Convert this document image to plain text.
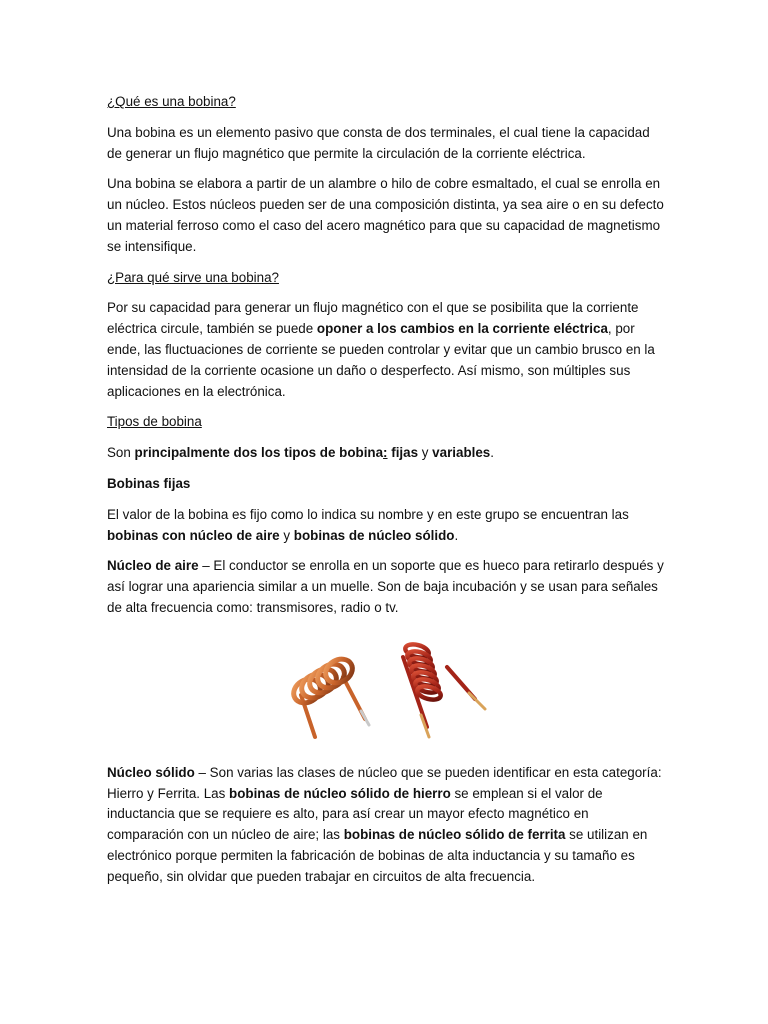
¿Qué es una bobina?

Una bobina es un elemento pasivo que consta de dos terminales, el cual tiene la capacidad de generar un flujo magnético que permite la circulación de la corriente eléctrica.

Una bobina se elabora a partir de un alambre o hilo de cobre esmaltado, el cual se enrolla en un núcleo. Estos núcleos pueden ser de una composición distinta, ya sea aire o en su defecto un material ferroso como el caso del acero magnético para que su capacidad de magnetismo se intensifique.

¿Para qué sirve una bobina?

Por su capacidad para generar un flujo magnético con el que se posibilita que la corriente eléctrica circule, también se puede oponer a los cambios en la corriente eléctrica, por ende, las fluctuaciones de corriente se pueden controlar y evitar que un cambio brusco en la intensidad de la corriente ocasione un daño o desperfecto. Así mismo, son múltiples sus aplicaciones en la electrónica.

Tipos de bobina

Son principalmente dos los tipos de bobina: fijas y variables.

Bobinas fijas

El valor de la bobina es fijo como lo indica su nombre y en este grupo se encuentran las bobinas con núcleo de aire y bobinas de núcleo sólido.

Núcleo de aire – El conductor se enrolla en un soporte que es hueco para retirarlo después y así lograr una apariencia similar a un muelle. Son de baja incubación y se usan para señales de alta frecuencia como: transmisores, radio o tv.

Núcleo sólido – Son varias las clases de núcleo que se pueden identificar en esta categoría: Hierro y Ferrita. Las bobinas de núcleo sólido de hierro se emplean si el valor de inductancia que se requiere es alto, para así crear un mayor efecto magnético en comparación con un núcleo de aire; las bobinas de núcleo sólido de ferrita se utilizan en electrónico porque permiten la fabricación de bobinas de alta inductancia y su tamaño es pequeño, sin olvidar que pueden trabajar en circuitos de alta frecuencia.
